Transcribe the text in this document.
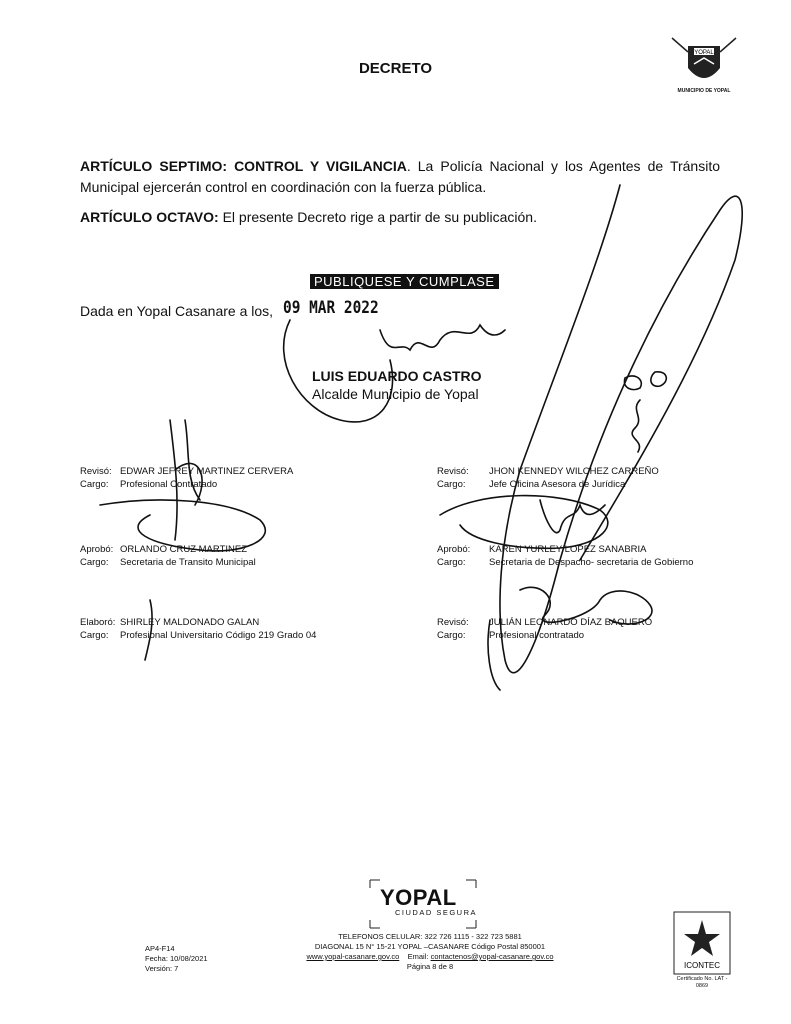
DECRETO
YOPAL
MUNICIPIO DE YOPAL
ARTÍCULO SEPTIMO: CONTROL Y VIGILANCIA. La Policía Nacional y los Agentes de Tránsito Municipal ejercerán control en coordinación con la fuerza pública.
ARTÍCULO OCTAVO: El presente Decreto rige a partir de su publicación.
PUBLIQUESE Y CUMPLASE
Dada en Yopal Casanare a los, 09 MAR 2022
LUIS EDUARDO CASTRO
Alcalde Municipio de Yopal
Revisó: EDWAR JEFREY MARTINEZ CERVERA
Cargo: Profesional Contratado
Revisó: JHON KENNEDY WILCHEZ CARREÑO
Cargo: Jefe Oficina Asesora de Jurídica
Aprobó: ORLANDO CRUZ MARTINEZ
Cargo: Secretaria de Transito Municipal
Aprobó: KAREN YURLEY LOPEZ SANABRIA
Cargo: Secretaria de Despacho- secretaria de Gobierno
Elaboró: SHIRLEY MALDONADO GALAN
Cargo: Profesional Universitario Código 219 Grado 04
Revisó: JULIÁN LEONARDO DÍAZ BAQUERO
Cargo: Profesional contratado
YOPAL
CIUDAD SEGURA
TELEFONOS CELULAR: 322 726 1115 - 322 723 5881
DIAGONAL 15 N° 15-21 YOPAL –CASANARE Código Postal 850001
www.yopal-casanare.gov.co Email: contactenos@yopal-casanare.gov.co
Página 8 de 8
AP4-F14
Fecha: 10/08/2021
Versión: 7	ICONTEC
Certificado No. LAT - 0869
